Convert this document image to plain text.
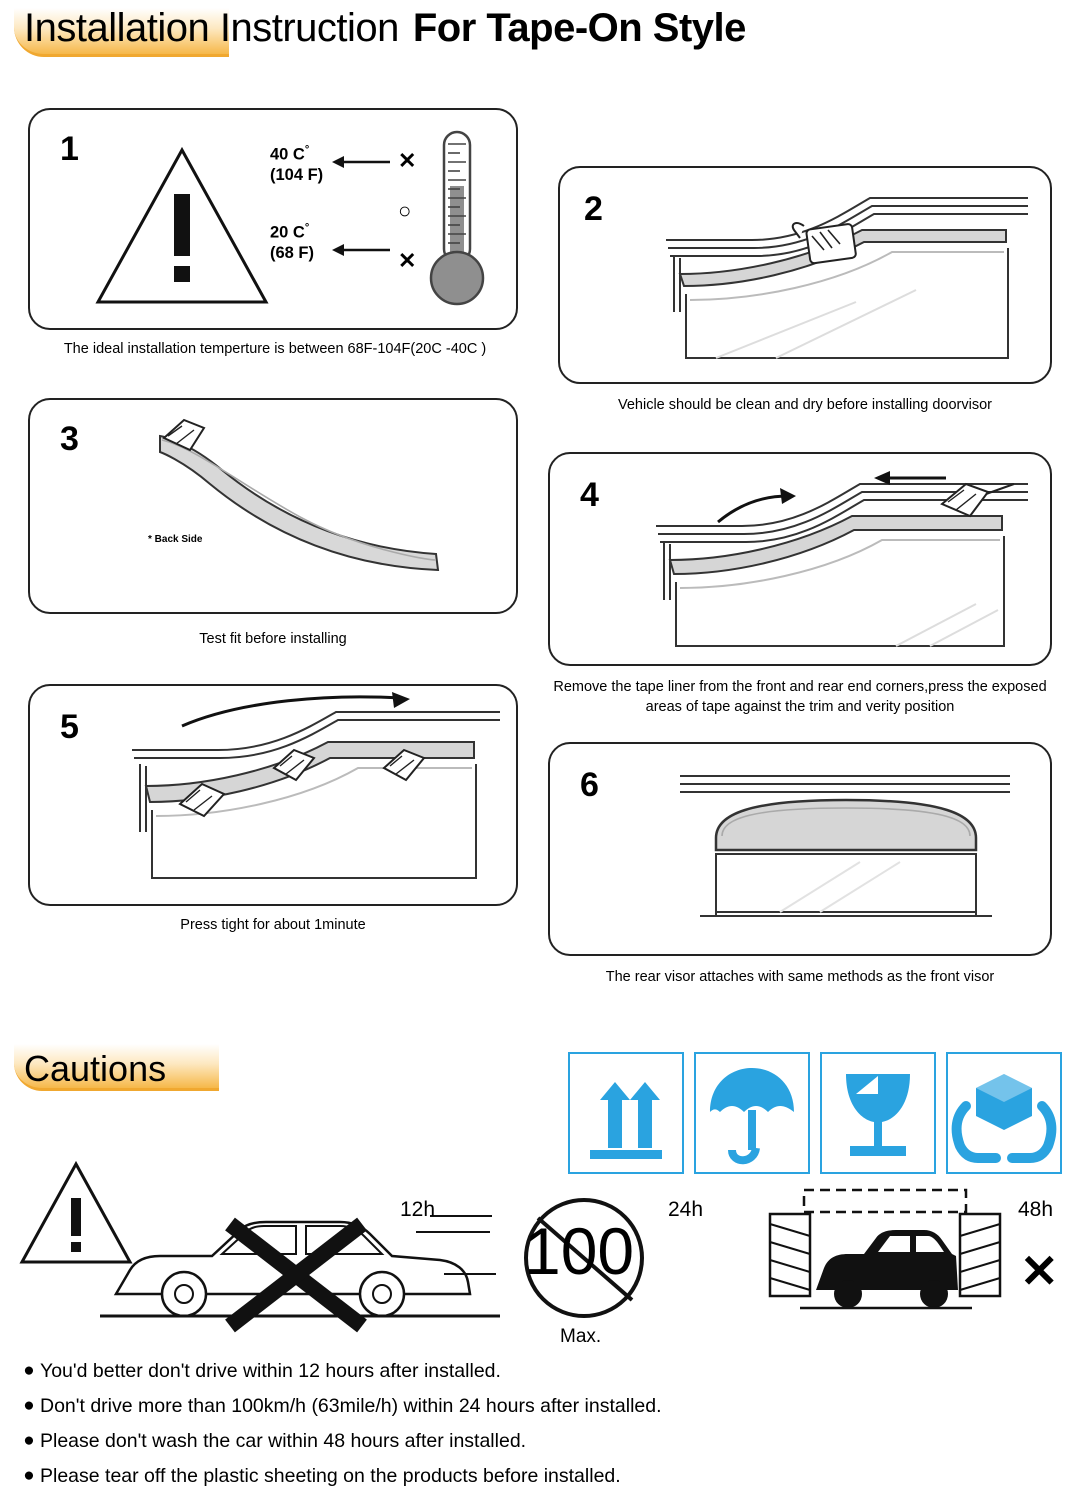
Installation Instruction For Tape-On Style
1	40 C°
(104 F)
20 C°
(68 F)
✕
○
✕
The ideal installation temperture is between 68F-104F(20C -40C )
2
Vehicle should be clean and dry before installing doorvisor
3
* Back Side
Test fit before installing
4
Remove the tape liner from the front and rear end corners,press the exposed areas of tape against the trim and verity position
5
Press tight for about 1minute
6
The rear visor attaches with same methods as the front visor
Cautions
12h
100
Max.
24h	48h
✕
● You'd better don't drive within 12 hours after installed.
● Don't drive more than 100km/h (63mile/h) within 24 hours after installed.
● Please don't wash the car within 48 hours after installed.
● Please tear off the plastic sheeting on the products before installed.
